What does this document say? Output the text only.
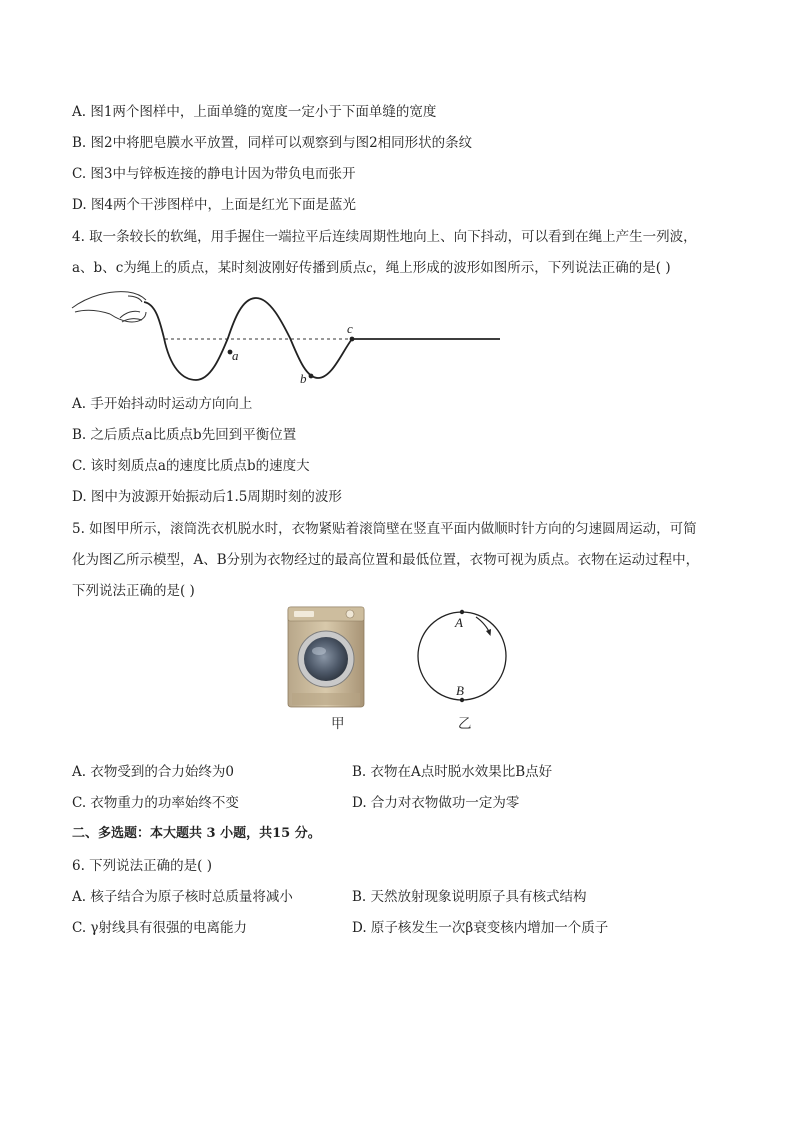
A. 图1两个图样中，上面单缝的宽度一定小于下面单缝的宽度
B. 图2中将肥皂膜水平放置，同样可以观察到与图2相同形状的条纹
C. 图3中与锌板连接的静电计因为带负电而张开
D. 图4两个干涉图样中，上面是红光下面是蓝光
4. 取一条较长的软绳，用手握住一端拉平后连续周期性地向上、向下抖动，可以看到在绳上产生一列波，
a、b、c为绳上的质点，某时刻波刚好传播到质点c，绳上形成的波形如图所示，下列说法正确的是( )
a
b
c
A. 手开始抖动时运动方向向上
B. 之后质点a比质点b先回到平衡位置
C. 该时刻质点a的速度比质点b的速度大
D. 图中为波源开始振动后1.5周期时刻的波形
5. 如图甲所示，滚筒洗衣机脱水时，衣物紧贴着滚筒壁在竖直平面内做顺时针方向的匀速圆周运动，可简
化为图乙所示模型，A、B分别为衣物经过的最高位置和最低位置，衣物可视为质点。衣物在运动过程中，
下列说法正确的是( )
A
B
甲	乙
A. 衣物受到的合力始终为0	B. 衣物在A点时脱水效果比B点好
C. 衣物重力的功率始终不变	D. 合力对衣物做功一定为零
二、多选题：本大题共 3 小题，共15 分。
6. 下列说法正确的是( )
A. 核子结合为原子核时总质量将减小	B. 天然放射现象说明原子具有核式结构
C. γ射线具有很强的电离能力	D. 原子核发生一次β衰变核内增加一个质子
